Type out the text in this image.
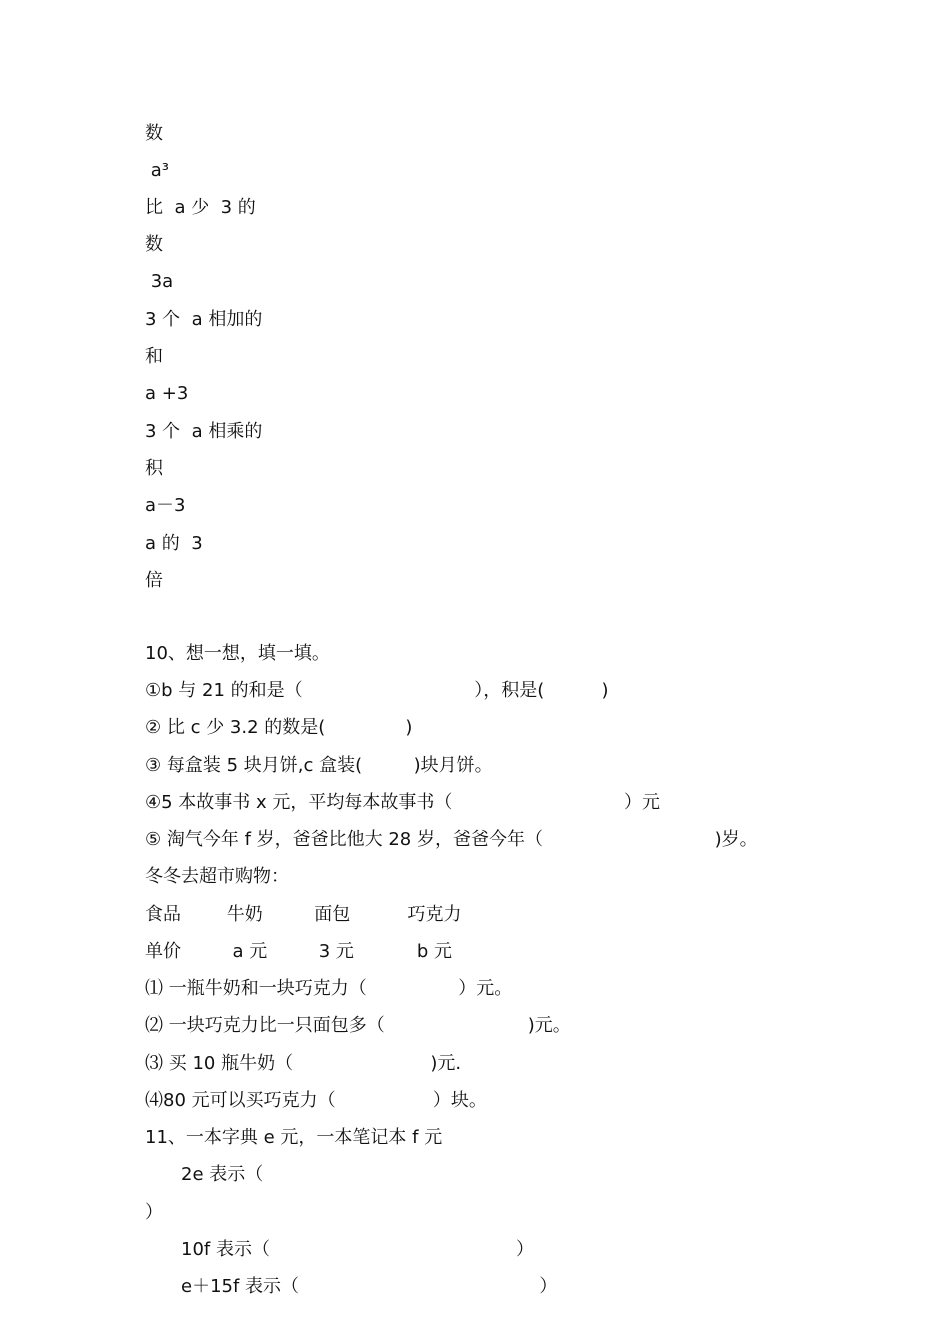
数
a³
比  a 少  3 的
数
3a
3 个  a 相加的
和
a +3
3 个  a 相乘的
积
a－3
a 的  3
倍
10、想一想，填一填。
①b 与 21 的和是（                              ），积是(          )
② 比 c 少 3.2 的数是(              )
③ 每盒装 5 块月饼,c 盒装(         )块月饼。
④5 本故事书 x 元，平均每本故事书（                              ）元
⑤ 淘气今年 f 岁，爸爸比他大 28 岁，爸爸今年（                              )岁。
冬冬去超市购物：
食品        牛奶         面包          巧克力
单价         a 元         3 元           b 元
⑴ 一瓶牛奶和一块巧克力（                ）元。
⑵ 一块巧克力比一只面包多（                         )元。
⑶ 买 10 瓶牛奶（                        )元.
⑷80 元可以买巧克力（                 ）块。
11、一本字典 e 元，一本笔记本 f 元
2e 表示（
）
10f 表示（                                           ）
e＋15f 表示（                                          ）
